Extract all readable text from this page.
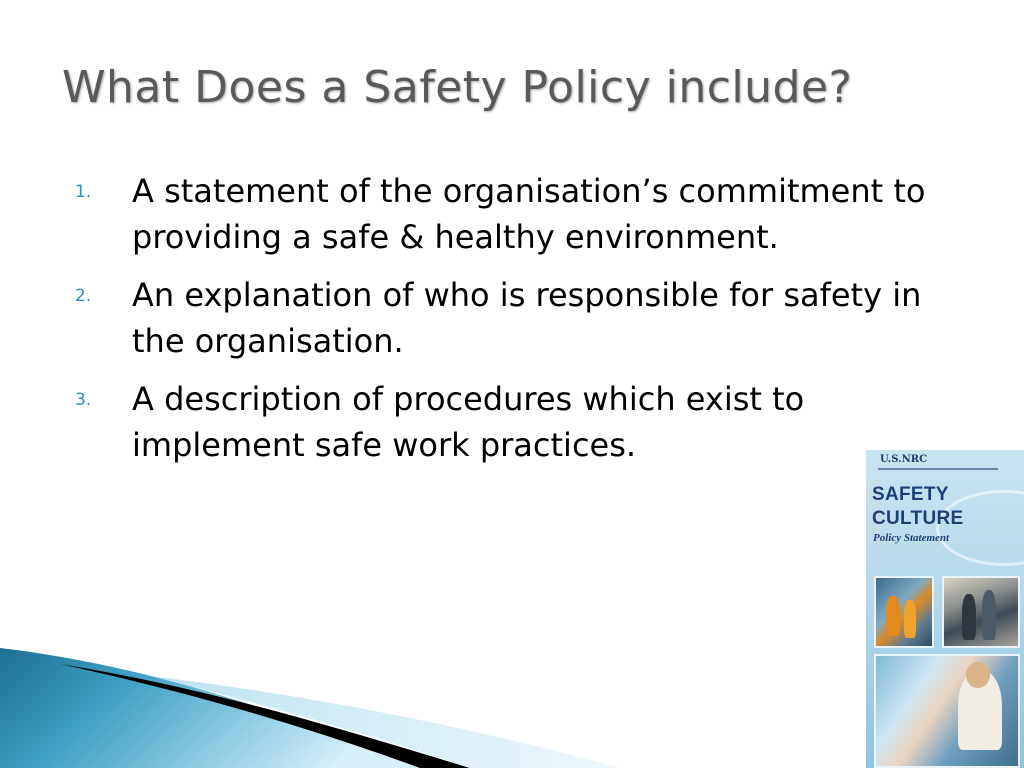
What Does a Safety Policy include?
1. A statement of the organisation’s commitment to providing a safe & healthy environment.
2. An explanation of who is responsible for safety in the organisation.
3. A description of procedures which exist to implement safe work practices.	U.S.NRC
SAFETY
CULTURE
Policy Statement
